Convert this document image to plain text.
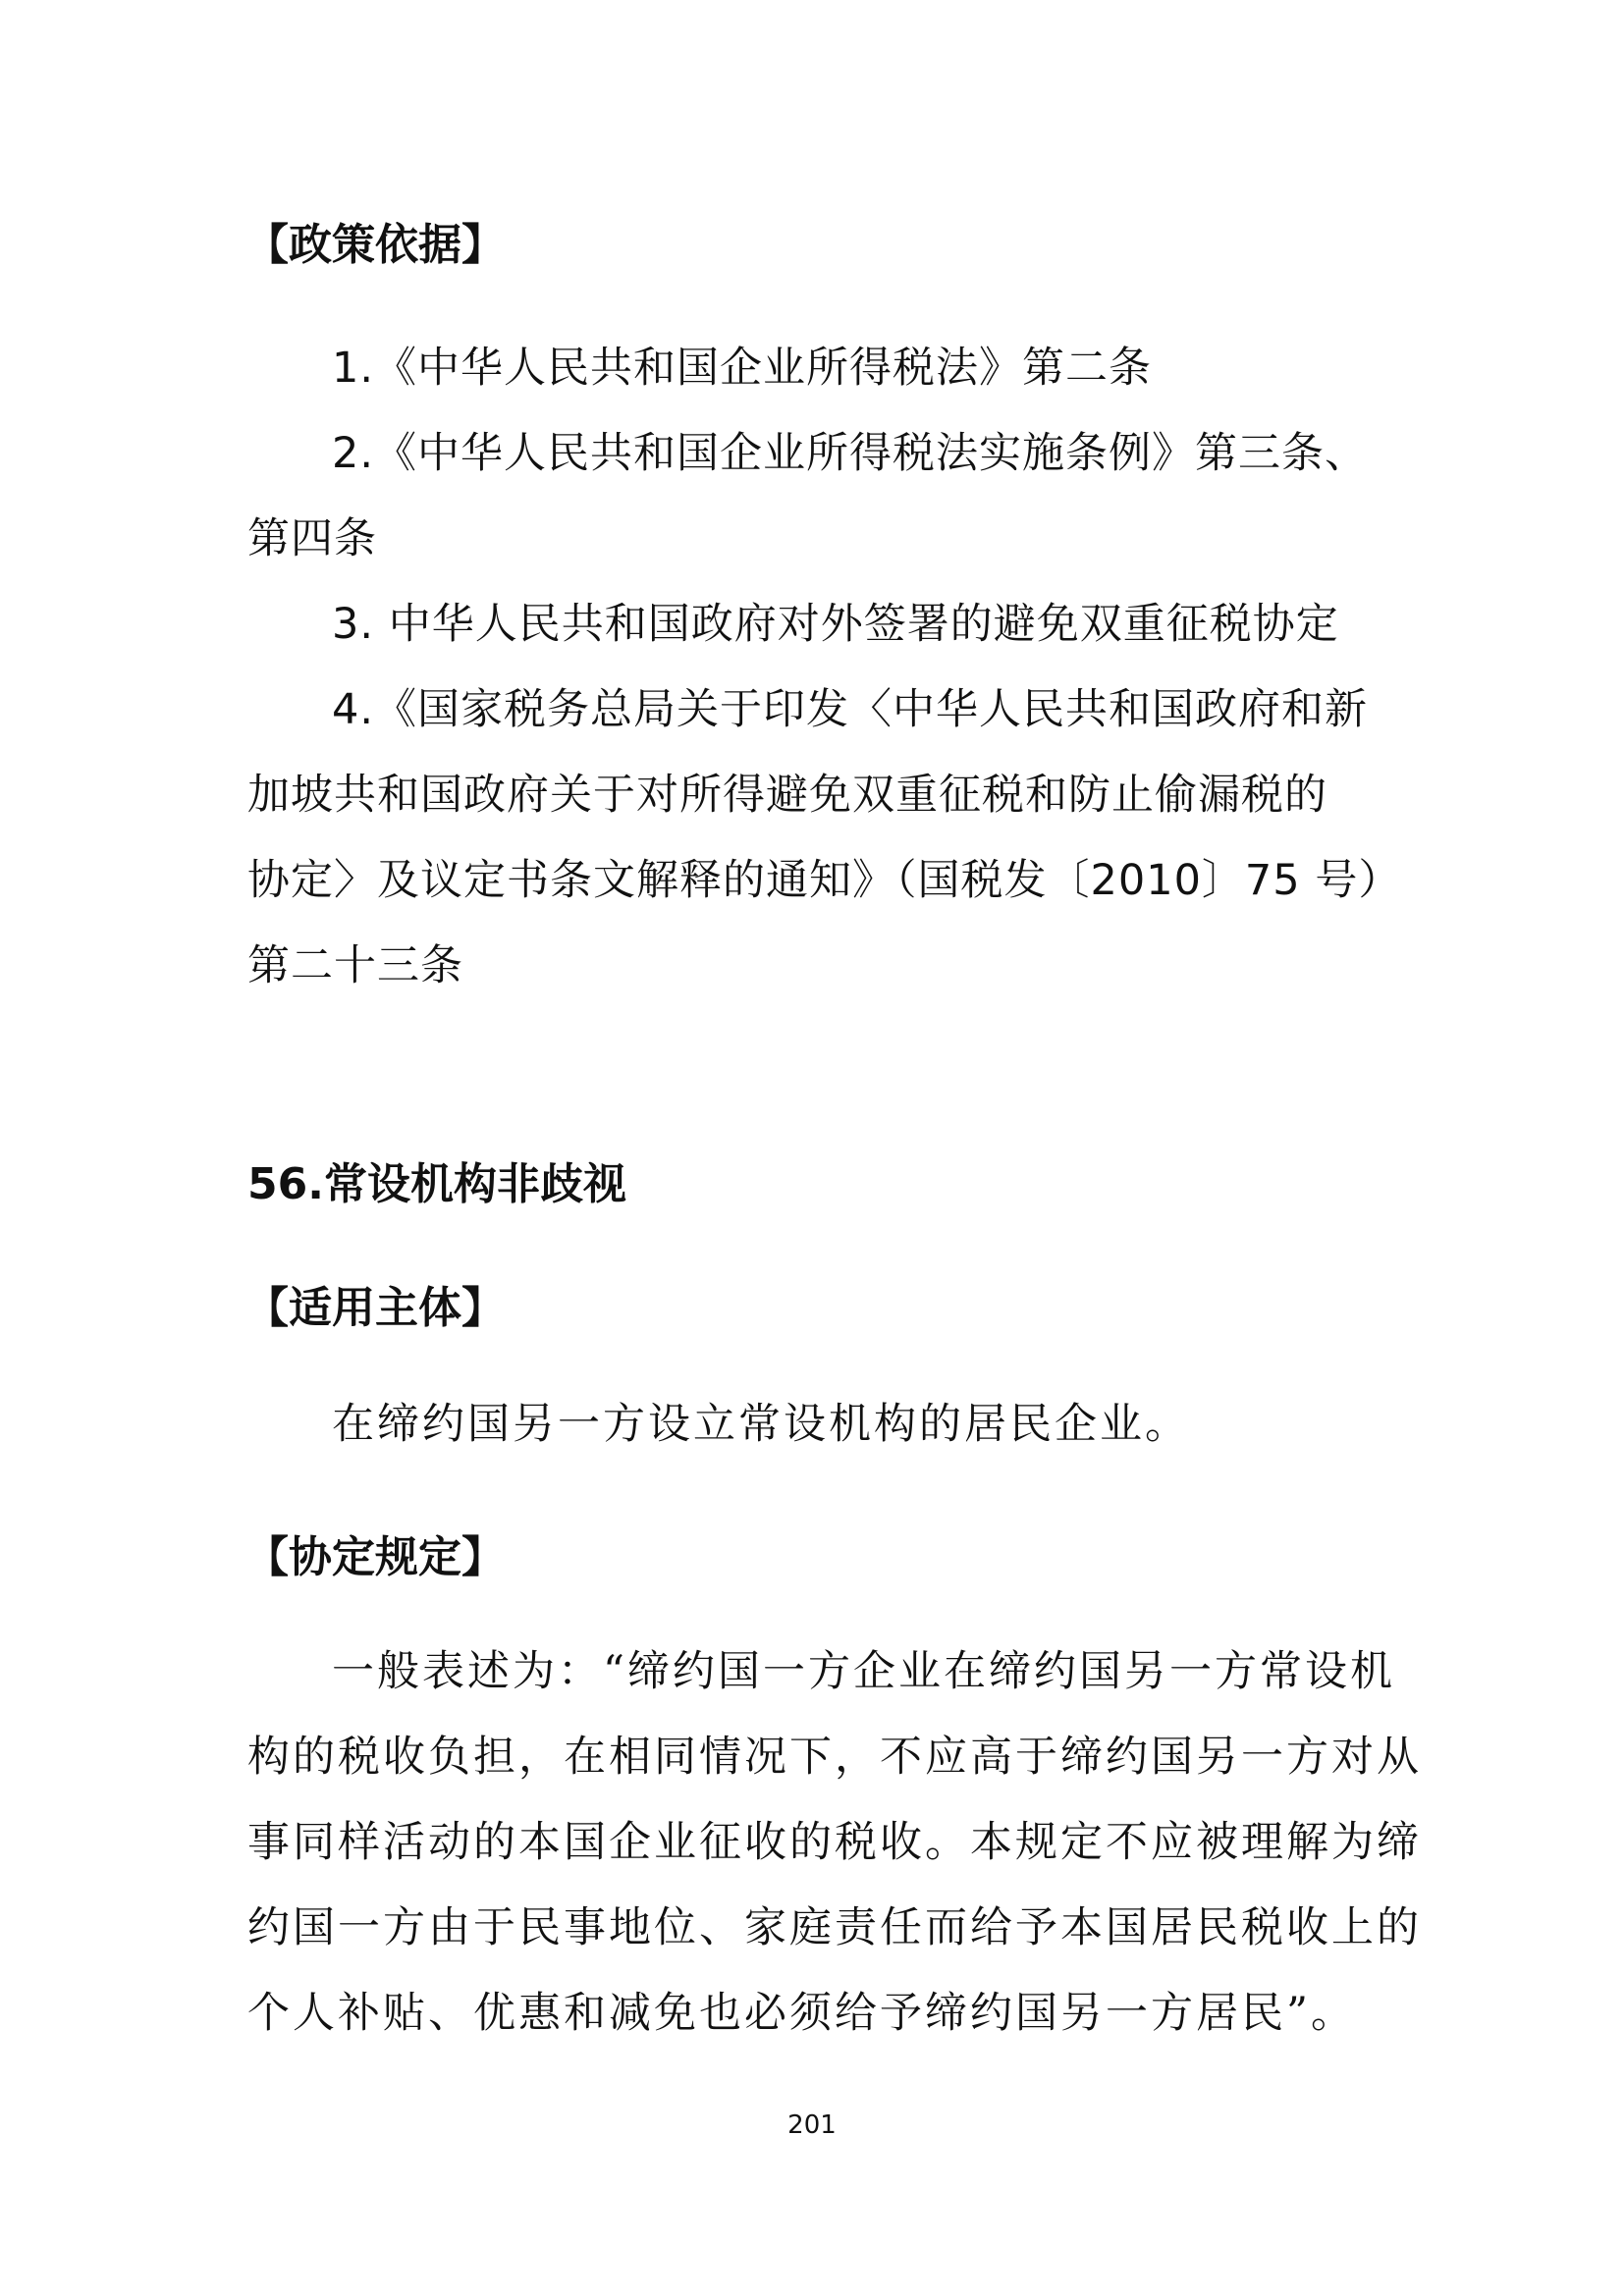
【政策依据】
1.《中华人民共和国企业所得税法》第二条
2.《中华人民共和国企业所得税法实施条例》第三条、
第四条
3. 中华人民共和国政府对外签署的避免双重征税协定
4.《国家税务总局关于印发〈中华人民共和国政府和新
加坡共和国政府关于对所得避免双重征税和防止偷漏税的
协定〉及议定书条文解释的通知》（国税发〔2010〕75 号）
第二十三条
56.常设机构非歧视
【适用主体】
在缔约国另一方设立常设机构的居民企业。
【协定规定】
一般表述为：“缔约国一方企业在缔约国另一方常设机
构的税收负担，在相同情况下，不应高于缔约国另一方对从
事同样活动的本国企业征收的税收。本规定不应被理解为缔
约国一方由于民事地位、家庭责任而给予本国居民税收上的
个人补贴、优惠和减免也必须给予缔约国另一方居民”。
201
